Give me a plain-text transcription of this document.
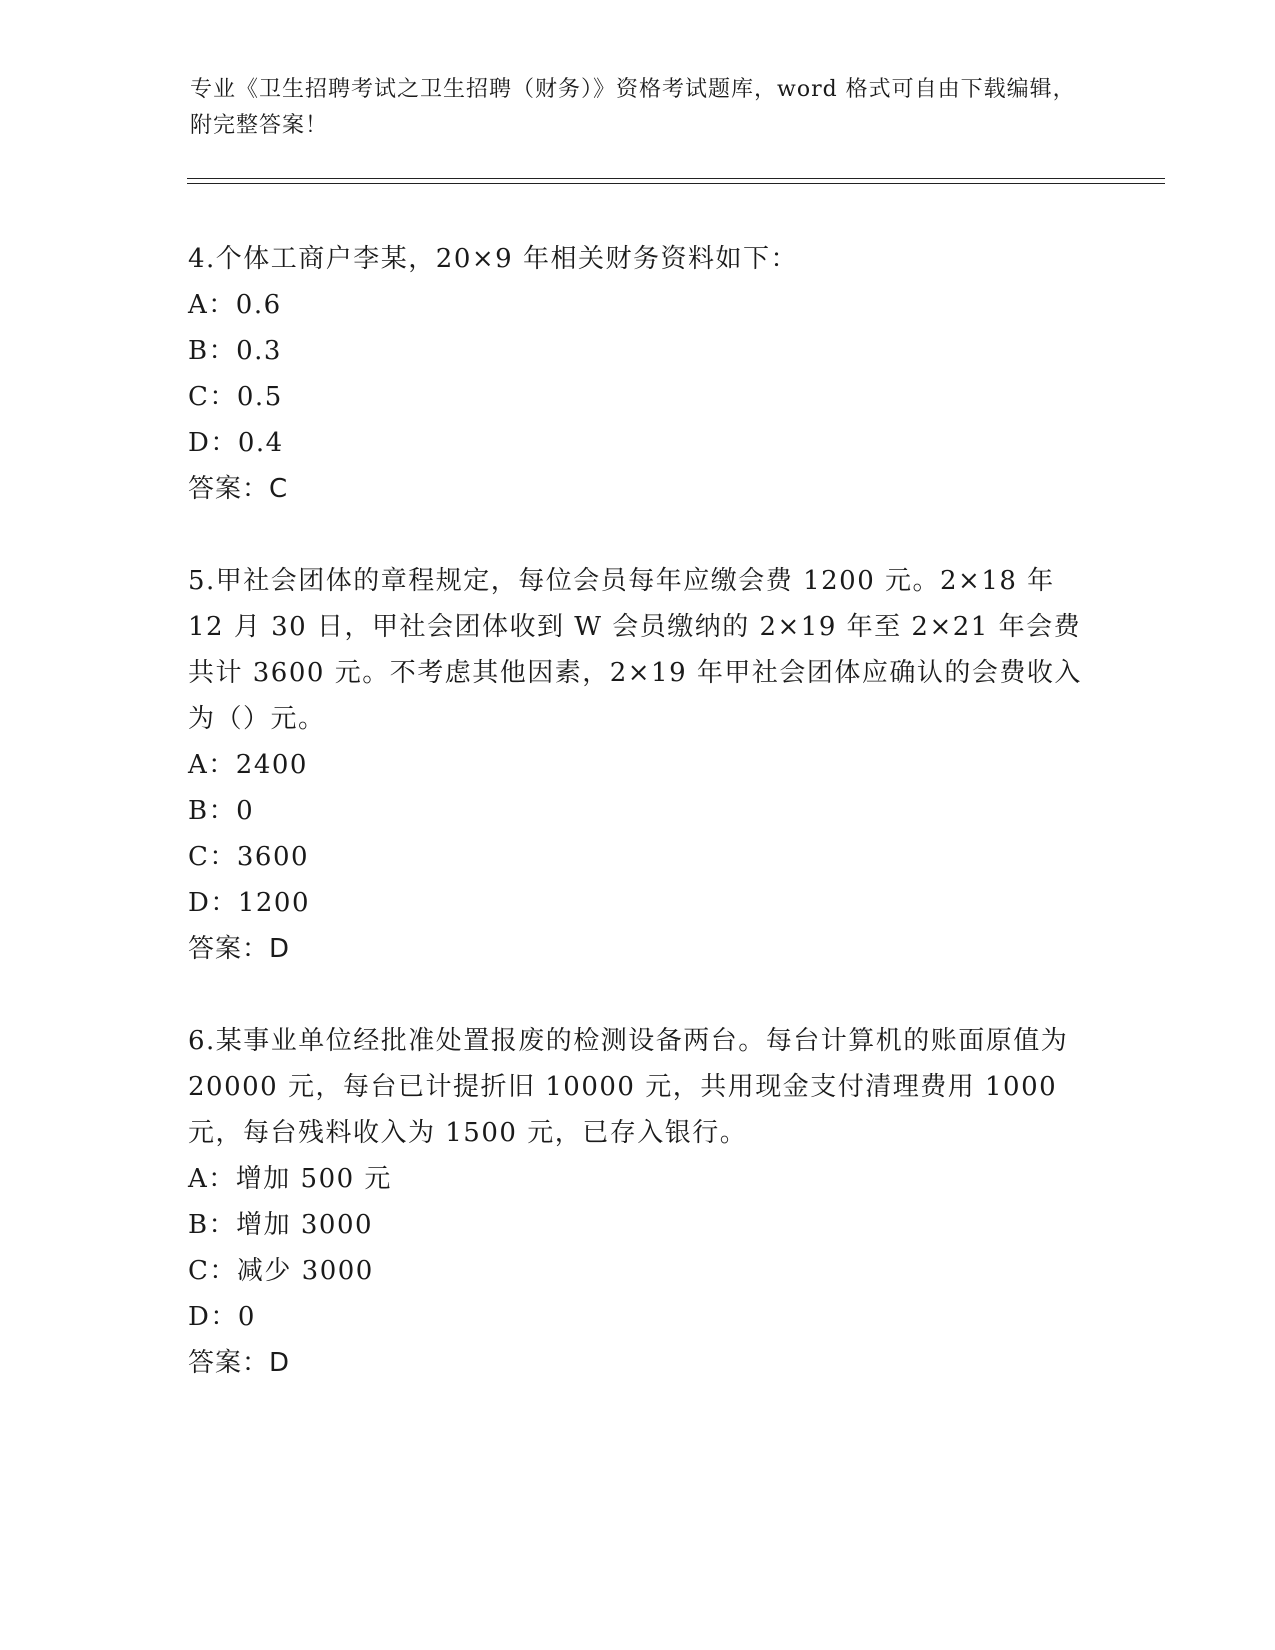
专业《卫生招聘考试之卫生招聘（财务）》资格考试题库，word 格式可自由下载编辑，附完整答案！
4.个体工商户李某，20×9 年相关财务资料如下：
A：0.6
B：0.3
C：0.5
D：0.4
答案：C
5.甲社会团体的章程规定，每位会员每年应缴会费 1200 元。2×18 年 12 月 30 日，甲社会团体收到 W 会员缴纳的 2×19 年至 2×21 年会费共计 3600 元。不考虑其他因素，2×19 年甲社会团体应确认的会费收入为（）元。
A：2400
B：0
C：3600
D：1200
答案：D
6.某事业单位经批准处置报废的检测设备两台。每台计算机的账面原值为 20000 元，每台已计提折旧 10000 元，共用现金支付清理费用 1000 元，每台残料收入为 1500 元，已存入银行。
A：增加 500 元
B：增加 3000
C：减少 3000
D：0
答案：D
